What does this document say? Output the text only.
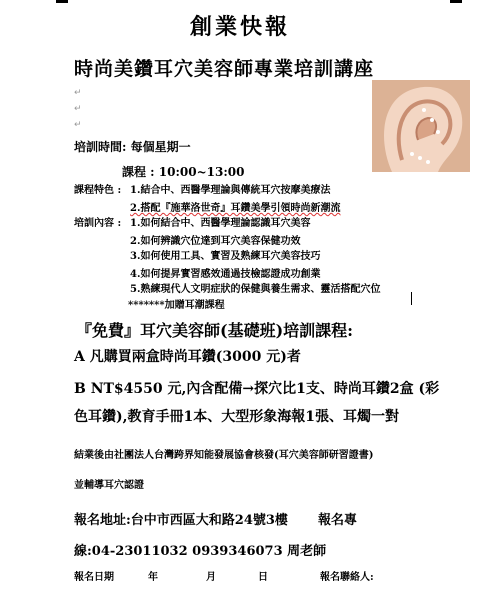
創業快報
時尚美鑽耳穴美容師專業培訓講座
↵
↵
↵
培訓時間: 每個星期一
課程 : 10:00~13:00
課程特色 : 1.結合中、西醫學理論與傳統耳穴按摩美療法
2.搭配『施華洛世奇』耳鑽美學引領時尚新潮流
培訓內容 : 1.如何結合中、西醫學理論認識耳穴美容
2.如何辨識穴位達到耳穴美容保健功效
3.如何使用工具、實習及熟練耳穴美容技巧
4.如何提昇實習感效通過技檢認證成功創業
5.熟練現代人文明症狀的保健與養生需求、靈活搭配穴位
*******加贈耳潮課程
『免費』耳穴美容師(基礎班)培訓課程:
A 凡購買兩盒時尚耳鑽(3000 元)者
B NT$4550 元,內含配備→探穴比1支、時尚耳鑽2盒 (彩
色耳鑽),教育手冊1本、大型形象海報1張、耳燭一對
結業後由社團法人台灣跨界知能發展協會核發(耳穴美容師研習證書)
並輔導耳穴認證
報名地址:台中市西區大和路24號3樓 報名專
線:04-23011032 0939346073 周老師
報名日期	年	月	日	報名聯絡人:
